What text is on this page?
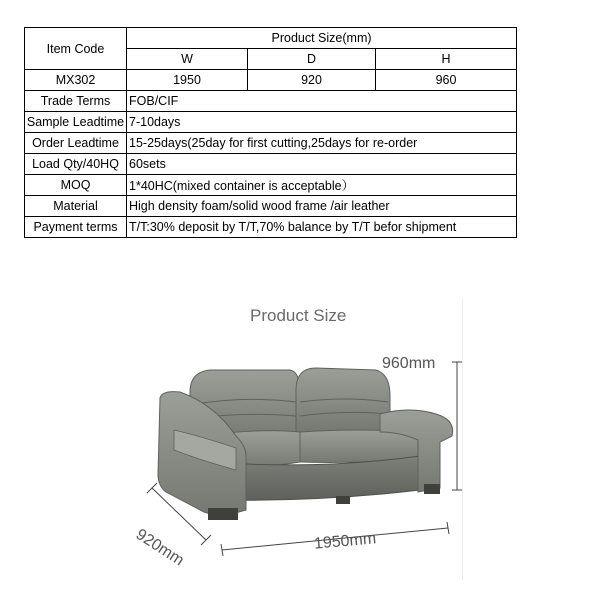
Item Code	Product Size(mm)		
	W	D	H
MX302	1950	920	960
Trade Terms	FOB/CIF		
Sample Leadtime	7-10days		
Order Leadtime	15-25days(25day for first cutting,25days for re-order		
Load Qty/40HQ	60sets		
MOQ	1*40HC(mixed container is acceptable）		
Material	High density foam/solid wood frame /air leather		
Payment terms	T/T:30% deposit by T/T,70% balance by T/T befor shipment		
Product Size
960mm
1950mm
920mm
